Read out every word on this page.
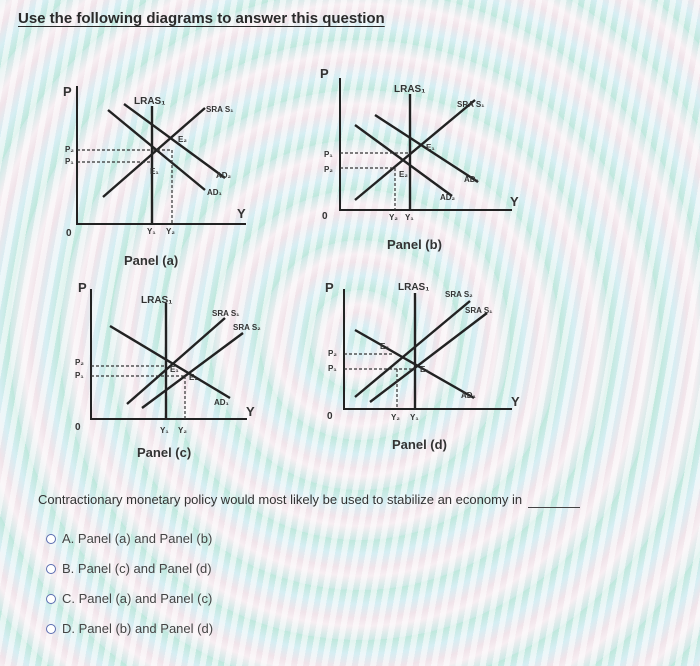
Use the following diagrams to answer this question
P
Y
0
LRAS₁
SRA S₁
AD₂
AD₁
P₂
P₁
Y₁ Y₂
E₁
E₂
Panel (a)
P
Y
0
LRAS₁
SRA S₁
AD₁
AD₂
P₁
P₂
Y₂ Y₁
E₁
E₂
Panel (b)
P
Y
0
LRAS₁
SRA S₁
SRA S₂
AD₁
P₂
P₁
Y₁ Y₂
E₁
E₂
Panel (c)
P
Y
0
LRAS₁
SRA S₂
SRA S₁
AD₁
P₂
P₁
Y₂ Y₁
E₂
E₁
Panel (d)
Contractionary monetary policy would most likely be used to stabilize an economy in
A. Panel (a) and Panel (b)
B. Panel (c) and Panel (d)
C. Panel (a) and Panel (c)
D. Panel (b) and Panel (d)
